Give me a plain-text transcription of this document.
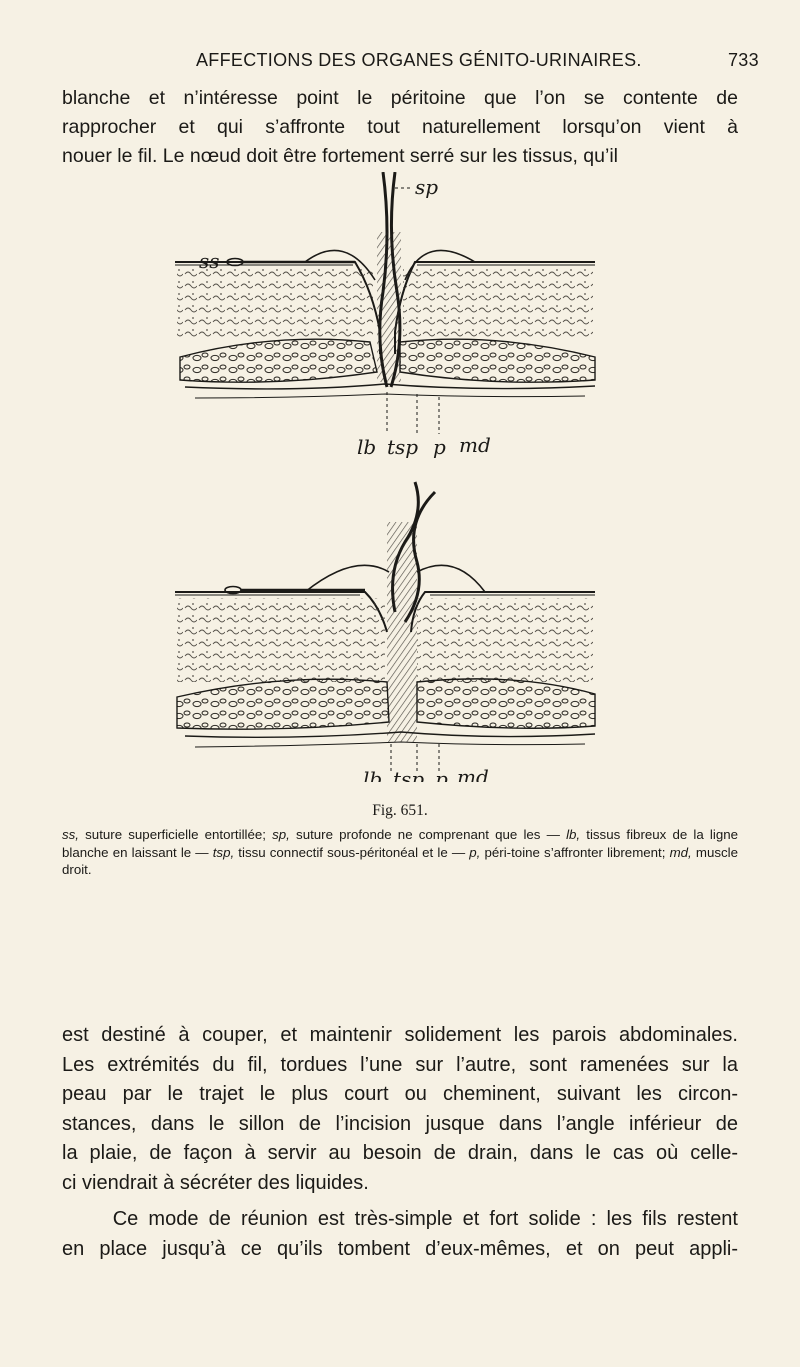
AFFECTIONS DES ORGANES GÉNITO-URINAIRES.	733
blanche et n’intéresse point le péritoine que l’on se contente de
rapprocher et qui s’affronte tout naturellement lorsqu’on vient à
nouer le fil. Le nœud doit être fortement serré sur les tissus, qu’il
sp
ss
lb tsp p md
lb tsp p md
Fig. 651.
ss, suture superficielle entortillée; sp, suture profonde ne comprenant que les — lb, tissus fibreux de la ligne blanche en laissant le — tsp, tissu connectif sous-péritonéal et le — p, péri-toine s’affronter librement; md, muscle droit.
est destiné à couper, et maintenir solidement les parois abdominales.
Les extrémités du fil, tordues l’une sur l’autre, sont ramenées sur la
peau par le trajet le plus court ou cheminent, suivant les circon-
stances, dans le sillon de l’incision jusque dans l’angle inférieur de
la plaie, de façon à servir au besoin de drain, dans le cas où celle-
ci viendrait à sécréter des liquides.
Ce mode de réunion est très-simple et fort solide : les fils restent
en place jusqu’à ce qu’ils tombent d’eux-mêmes, et on peut appli-
